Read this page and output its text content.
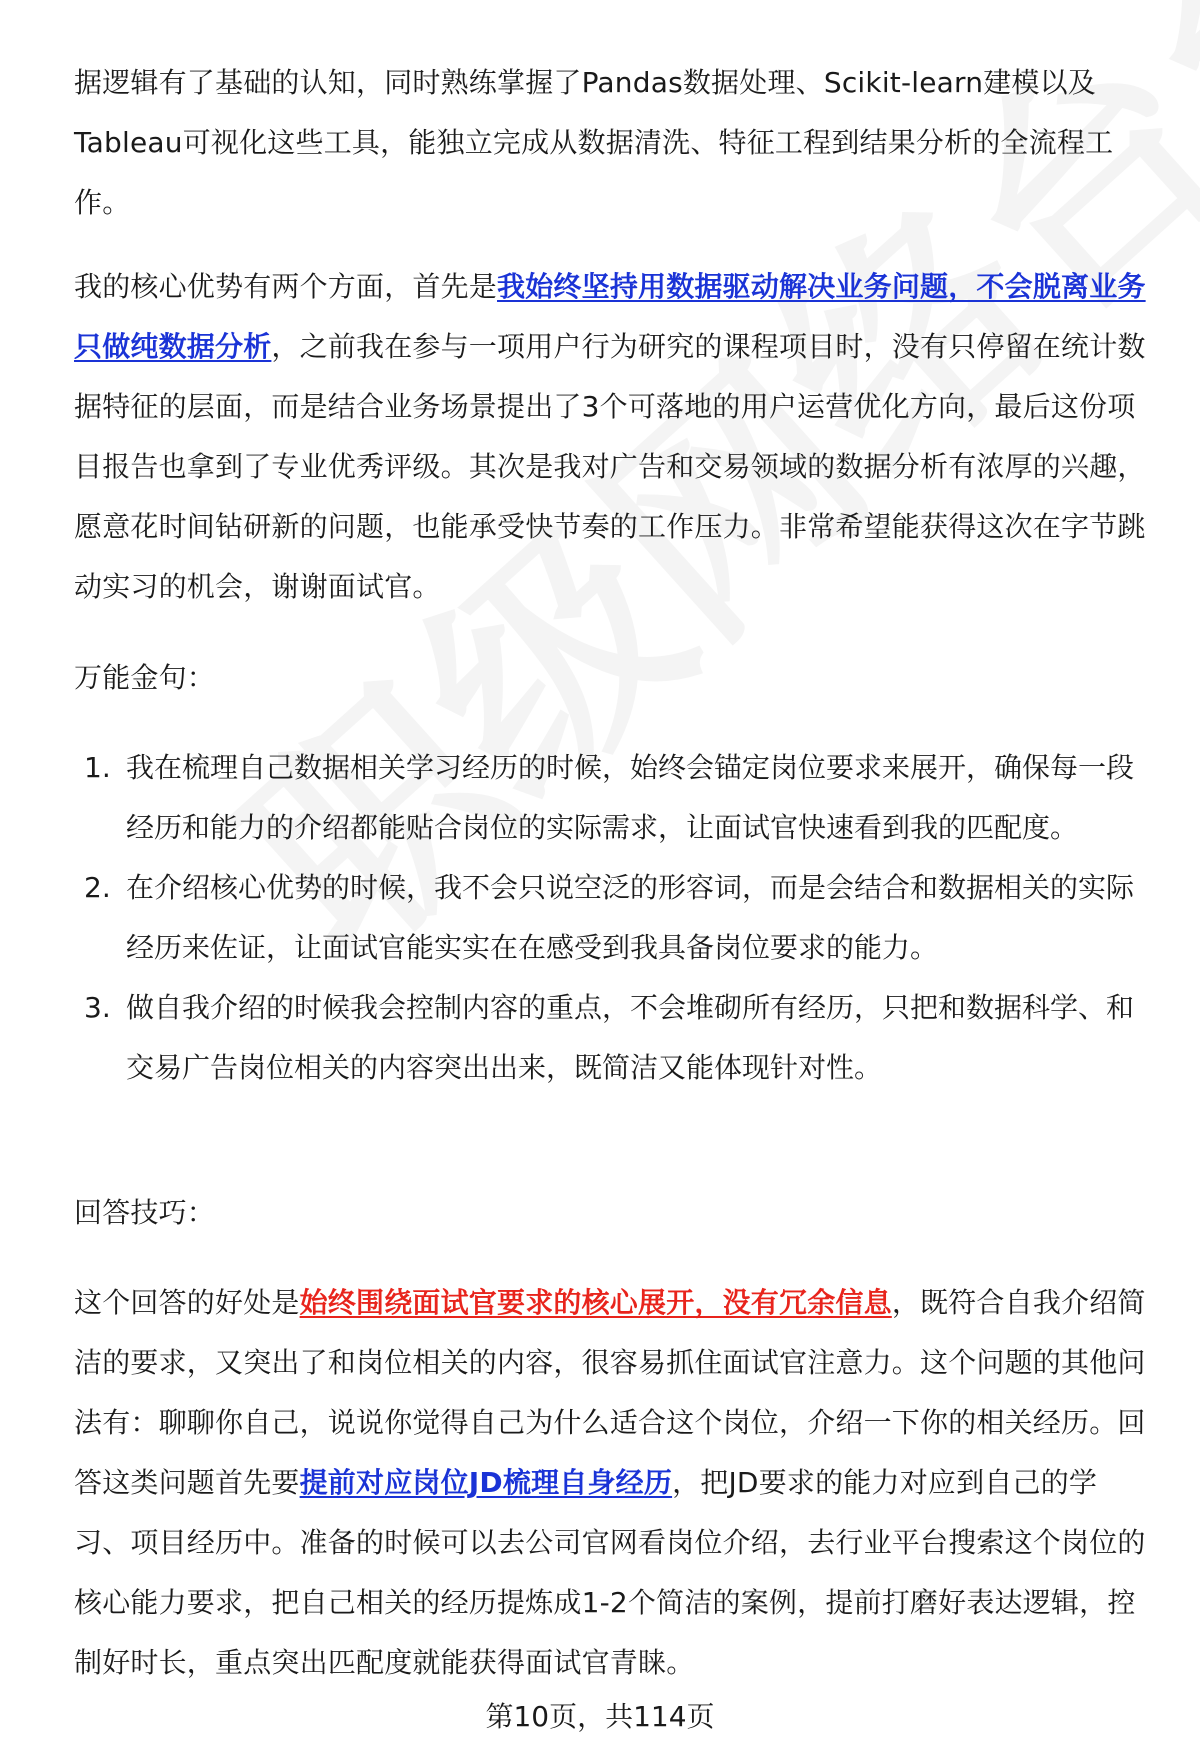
据逻辑有了基础的认知，同时熟练掌握了Pandas数据处理、Scikit-learn建模以及Tableau可视化这些工具，能独立完成从数据清洗、特征工程到结果分析的全流程工作。
我的核心优势有两个方面，首先是我始终坚持用数据驱动解决业务问题，不会脱离业务只做纯数据分析，之前我在参与一项用户行为研究的课程项目时，没有只停留在统计数据特征的层面，而是结合业务场景提出了3个可落地的用户运营优化方向，最后这份项目报告也拿到了专业优秀评级。其次是我对广告和交易领域的数据分析有浓厚的兴趣，愿意花时间钻研新的问题，也能承受快节奏的工作压力。非常希望能获得这次在字节跳动实习的机会，谢谢面试官。
万能金句：
1. 我在梳理自己数据相关学习经历的时候，始终会锚定岗位要求来展开，确保每一段经历和能力的介绍都能贴合岗位的实际需求，让面试官快速看到我的匹配度。
2. 在介绍核心优势的时候，我不会只说空泛的形容词，而是会结合和数据相关的实际经历来佐证，让面试官能实实在在感受到我具备岗位要求的能力。
3. 做自我介绍的时候我会控制内容的重点，不会堆砌所有经历，只把和数据科学、和交易广告岗位相关的内容突出出来，既简洁又能体现针对性。
回答技巧：
这个回答的好处是始终围绕面试官要求的核心展开，没有冗余信息，既符合自我介绍简洁的要求，又突出了和岗位相关的内容，很容易抓住面试官注意力。这个问题的其他问法有：聊聊你自己，说说你觉得自己为什么适合这个岗位，介绍一下你的相关经历。回答这类问题首先要提前对应岗位JD梳理自身经历，把JD要求的能力对应到自己的学习、项目经历中。准备的时候可以去公司官网看岗位介绍，去行业平台搜索这个岗位的核心能力要求，把自己相关的经历提炼成1-2个简洁的案例，提前打磨好表达逻辑，控制好时长，重点突出匹配度就能获得面试官青睐。
第10页，共114页
